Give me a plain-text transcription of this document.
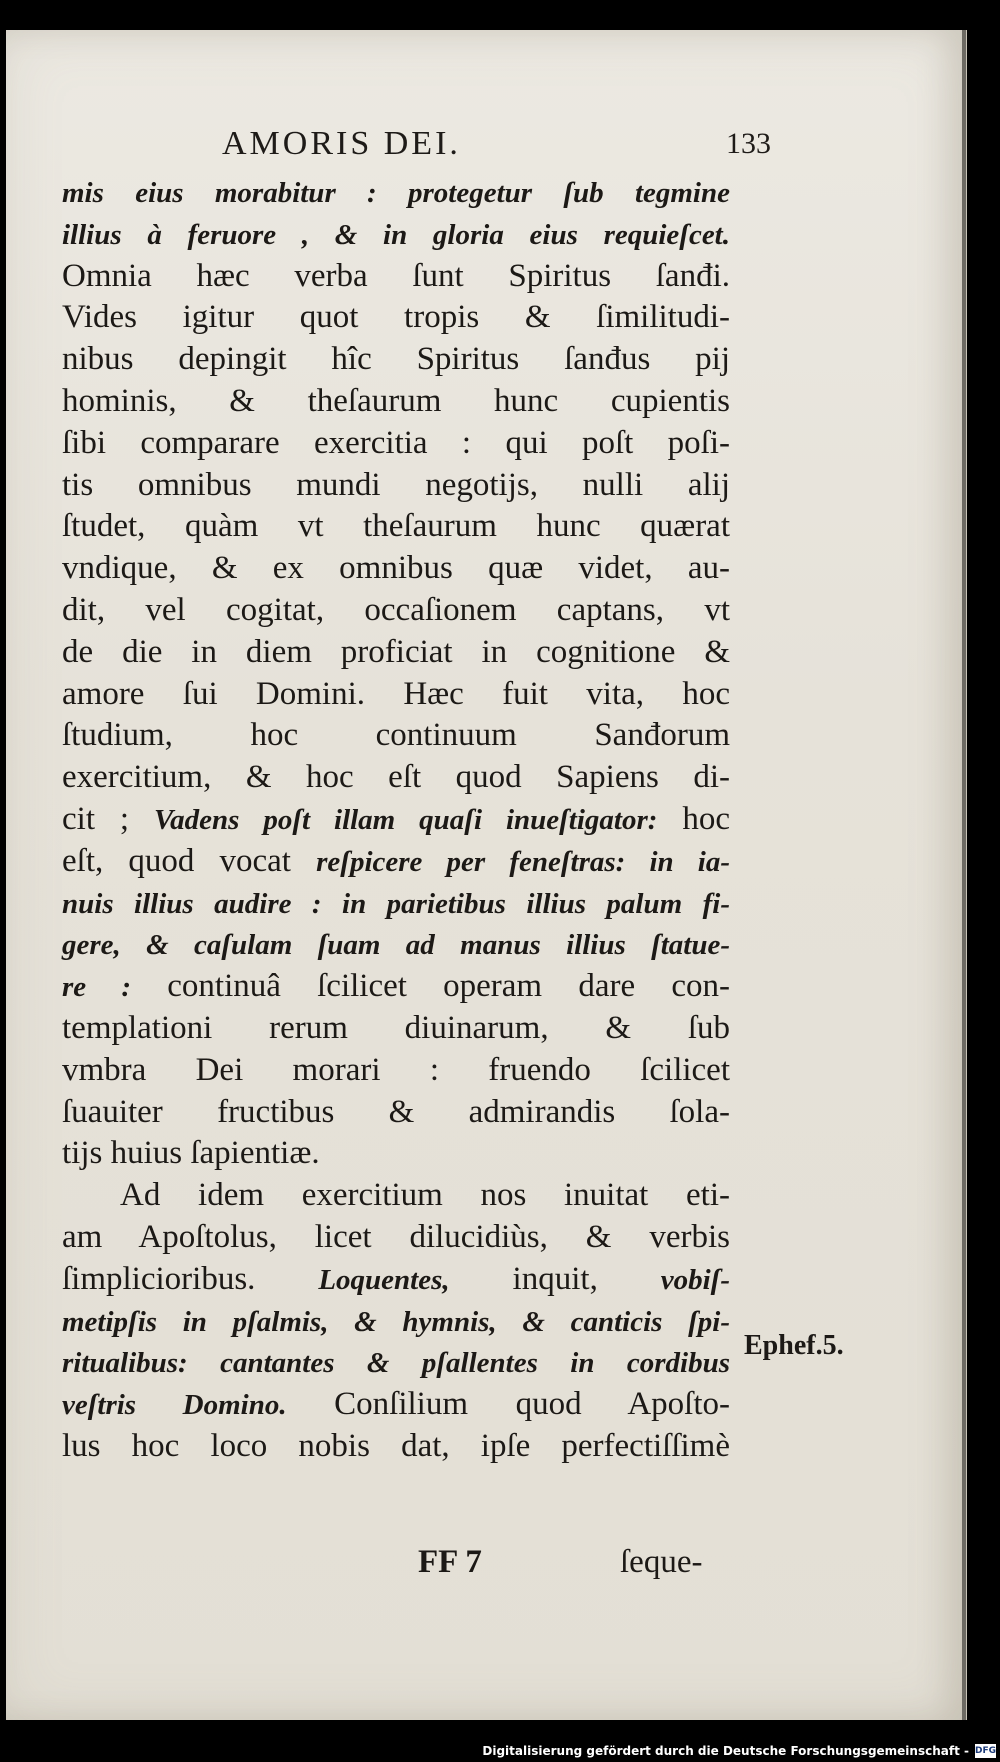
AMORIS DEI.	133
mis eius morabitur : protegetur ſub tegmine
illius à feruore , & in gloria eius requieſcet.
Omnia hæc verba ſunt Spiritus ſanđi.
Vides igitur quot tropis & ſimilitudi-
nibus depingit hîc Spiritus ſanđus pij
hominis, & theſaurum hunc cupientis
ſibi comparare exercitia : qui poſt poſi-
tis omnibus mundi negotijs, nulli alij
ſtudet, quàm vt theſaurum hunc quærat
vndique, & ex omnibus quæ videt, au-
dit, vel cogitat, occaſionem captans, vt
de die in diem proficiat in cognitione &
amore ſui Domini. Hæc fuit vita, hoc
ſtudium, hoc continuum Sanđorum
exercitium, & hoc eſt quod Sapiens di-
cit ; Vadens poſt illam quaſi inueſtigator: hoc
eſt, quod vocat reſpicere per feneſtras: in ia-
nuis illius audire : in parietibus illius palum fi-
gere, & caſulam ſuam ad manus illius ſtatue-
re : continuâ ſcilicet operam dare con-
templationi rerum diuinarum, & ſub
vmbra Dei morari : fruendo ſcilicet
ſuauiter fructibus & admirandis ſola-
tijs huius ſapientiæ.
Ad idem exercitium nos inuitat eti-
am Apoſtolus, licet dilucidiùs, & verbis
ſimplicioribus. Loquentes, inquit, vobiſ-
metipſis in pſalmis, & hymnis, & canticis ſpi-
ritualibus: cantantes & pſallentes in cordibus
veſtris Domino. Conſilium quod Apoſto-
lus hoc loco nobis dat, ipſe perfectiſſimè
Ephef.5.
FF 7	ſeque-
Digitalisierung gefördert durch die Deutsche Forschungsgemeinschaft - DFG
